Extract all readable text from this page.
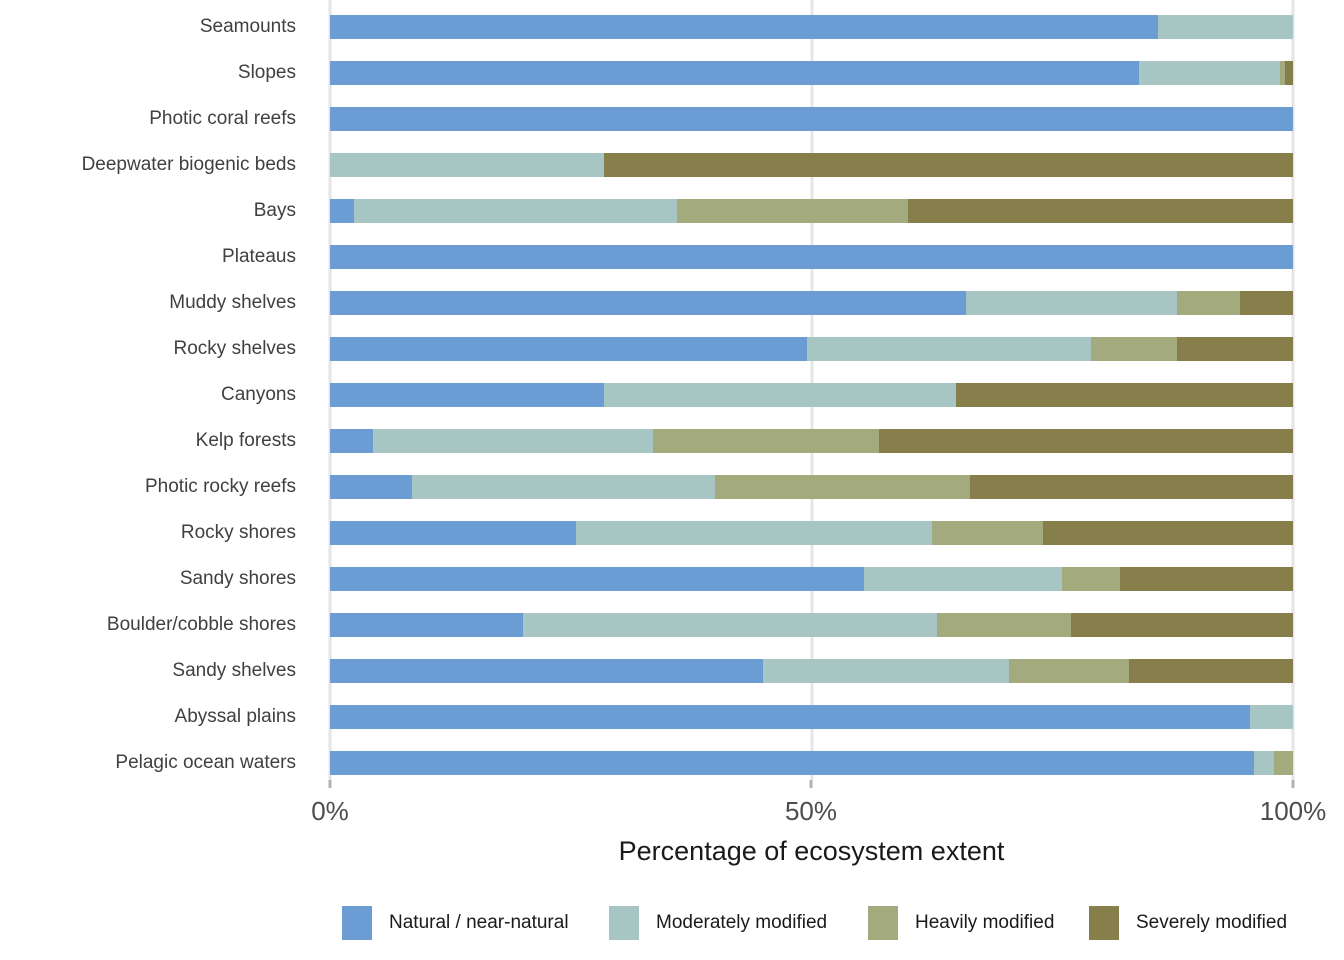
Seamounts
Slopes
Photic coral reefs
Deepwater biogenic beds
Bays
Plateaus
Muddy shelves
Rocky shelves
Canyons
Kelp forests
Photic rocky reefs
Rocky shores
Sandy shores
Boulder/cobble shores
Sandy shelves
Abyssal plains
Pelagic ocean waters
0%	50%	100%
Percentage of ecosystem extent
Natural / near-natural	Moderately modified	Heavily modified	Severely modified
